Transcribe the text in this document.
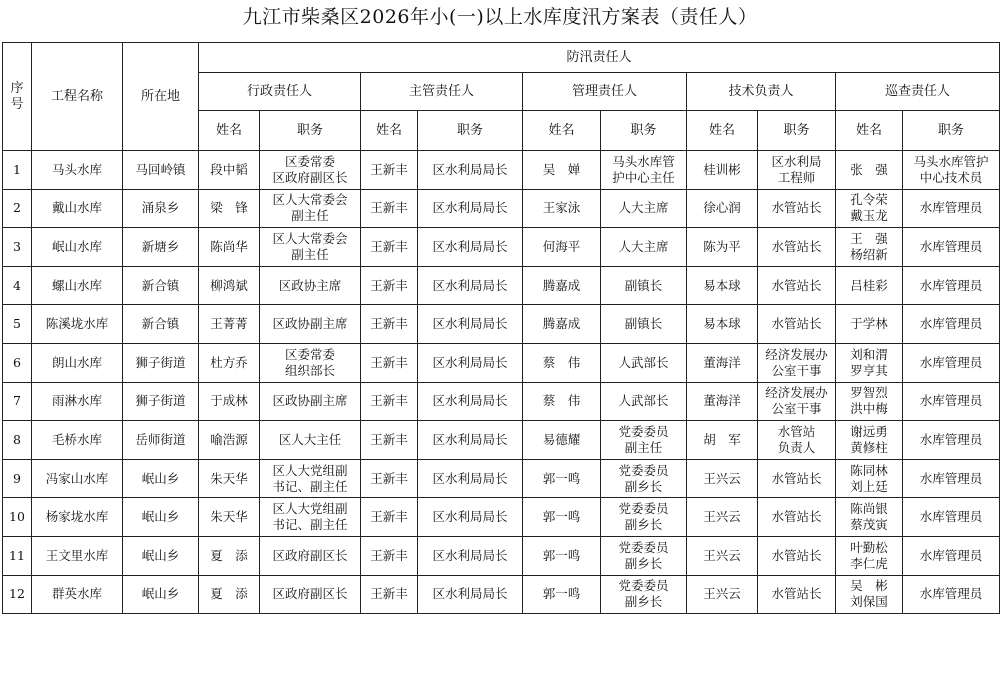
九江市柴桑区2026年小(一)以上水库度汛方案表（责任人）
序
号	工程名称	所在地	防汛责任人									
			行政责任人		主管责任人		管理责任人		技术负责人		巡查责任人	
			姓名	职务	姓名	职务	姓名	职务	姓名	职务	姓名	职务
1	马头水库	马回岭镇	段中韬	区委常委
区政府副区长	王新丰	区水利局局长	吴　婵	马头水库管
护中心主任	桂训彬	区水利局
工程师	张　强	马头水库管护
中心技术员

2	戴山水库	涌泉乡	梁　锋	区人大常委会
副主任	王新丰	区水利局局长	王家泳	人大主席	徐心润	水管站长	孔令荣
戴玉龙	水库管理员

3	岷山水库	新塘乡	陈尚华	区人大常委会
副主任	王新丰	区水利局局长	何海平	人大主席	陈为平	水管站长	王　强
杨绍新	水库管理员

4	螺山水库	新合镇	柳鸿斌	区政协主席	王新丰	区水利局局长	腾嘉成	副镇长	易本球	水管站长	吕桂彩	水库管理员

5	陈溪垅水库	新合镇	王菁菁	区政协副主席	王新丰	区水利局局长	腾嘉成	副镇长	易本球	水管站长	于学林	水库管理员

6	朗山水库	狮子街道	杜方乔	区委常委
组织部长	王新丰	区水利局局长	蔡　伟	人武部长	董海洋	经济发展办
公室干事	刘和渭
罗亨其	水库管理员

7	雨淋水库	狮子街道	于成林	区政协副主席	王新丰	区水利局局长	蔡　伟	人武部长	董海洋	经济发展办
公室干事	罗智烈
洪中梅	水库管理员

8	毛桥水库	岳师街道	喻浩源	区人大主任	王新丰	区水利局局长	易德耀	党委委员
副主任	胡　军	水管站
负责人	谢远勇
黄修柱	水库管理员

9	冯家山水库	岷山乡	朱天华	区人大党组副
书记、副主任	王新丰	区水利局局长	郭一鸣	党委委员
副乡长	王兴云	水管站长	陈同林
刘上廷	水库管理员

10	杨家垅水库	岷山乡	朱天华	区人大党组副
书记、副主任	王新丰	区水利局局长	郭一鸣	党委委员
副乡长	王兴云	水管站长	陈尚银
蔡茂寅	水库管理员

11	王文里水库	岷山乡	夏　添	区政府副区长	王新丰	区水利局局长	郭一鸣	党委委员
副乡长	王兴云	水管站长	叶勤松
李仁虎	水库管理员

12	群英水库	岷山乡	夏　添	区政府副区长	王新丰	区水利局局长	郭一鸣	党委委员
副乡长	王兴云	水管站长	吴　彬
刘保国	水库管理员
